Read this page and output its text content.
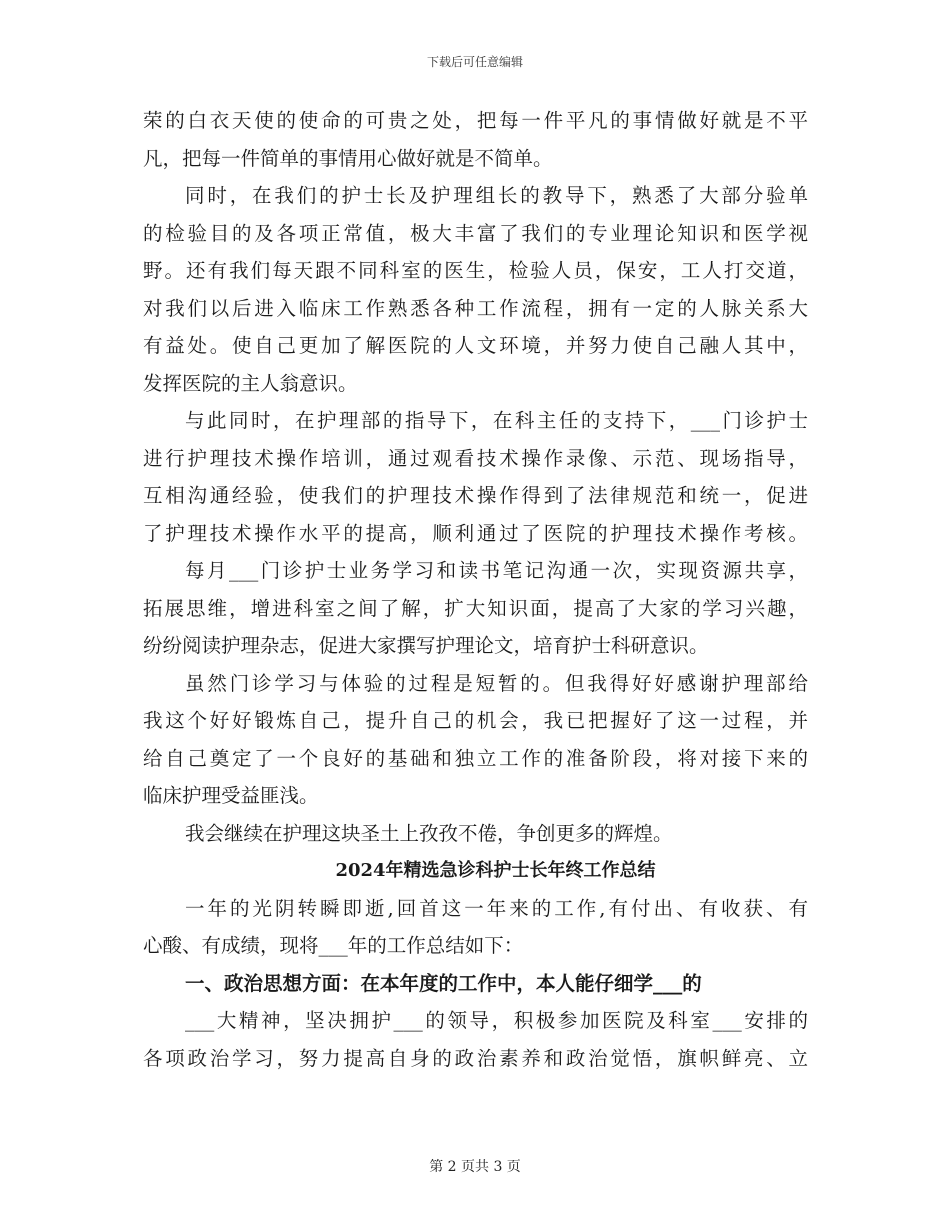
下载后可任意编辑
荣的白衣天使的使命的可贵之处，把每一件平凡的事情做好就是不平
凡，把每一件简单的事情用心做好就是不简单。
同时，在我们的护士长及护理组长的教导下，熟悉了大部分验单
的检验目的及各项正常值，极大丰富了我们的专业理论知识和医学视
野。还有我们每天跟不同科室的医生，检验人员，保安，工人打交道，
对我们以后进入临床工作熟悉各种工作流程，拥有一定的人脉关系大
有益处。使自己更加了解医院的人文环境，并努力使自己融人其中，
发挥医院的主人翁意识。
与此同时，在护理部的指导下，在科主任的支持下，___门诊护士
进行护理技术操作培训，通过观看技术操作录像、示范、现场指导，
互相沟通经验，使我们的护理技术操作得到了法律规范和统一，促进
了护理技术操作水平的提高，顺利通过了医院的护理技术操作考核。
每月___门诊护士业务学习和读书笔记沟通一次，实现资源共享，
拓展思维，增进科室之间了解，扩大知识面，提高了大家的学习兴趣，
纷纷阅读护理杂志，促进大家撰写护理论文，培育护士科研意识。
虽然门诊学习与体验的过程是短暂的。但我得好好感谢护理部给
我这个好好锻炼自己，提升自己的机会，我已把握好了这一过程，并
给自己奠定了一个良好的基础和独立工作的准备阶段，将对接下来的
临床护理受益匪浅。
我会继续在护理这块圣土上孜孜不倦，争创更多的辉煌。
2024年精选急诊科护士长年终工作总结
一年的光阴转瞬即逝,回首这一年来的工作,有付出、有收获、有
心酸、有成绩，现将___年的工作总结如下：
一、政治思想方面：在本年度的工作中，本人能仔细学___的
___大精神，坚决拥护___的领导，积极参加医院及科室___安排的
各项政治学习，努力提高自身的政治素养和政治觉悟，旗帜鲜亮、立
第 2 页共 3 页
